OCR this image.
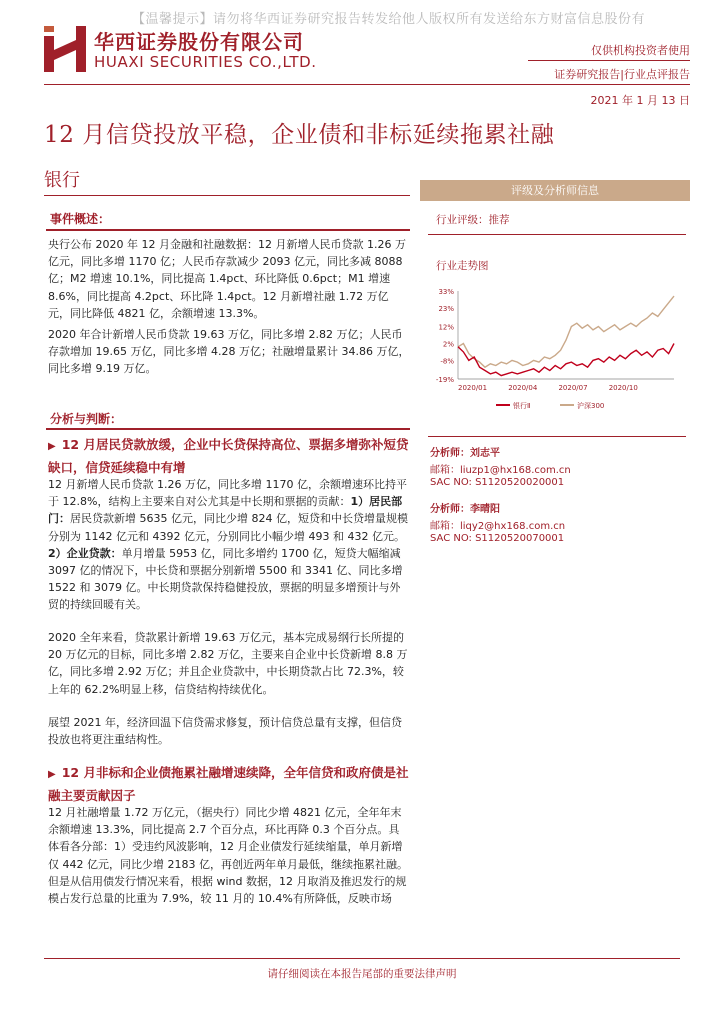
【温馨提示】请勿将华西证券研究报告转发给他人版权所有发送给东方财富信息股份有
华西证券股份有限公司
HUAXI SECURITIES CO.,LTD.
仅供机构投资者使用
证券研究报告|行业点评报告
2021 年 1 月 13 日
12 月信贷投放平稳，企业债和非标延续拖累社融
银行	评级及分析师信息
行业评级：推荐
行业走势图
33%
23%
12%
2%
-8%
-19%
2020/01	2020/04	2020/07	2020/10
银行Ⅱ	沪深300
分析师：刘志平
邮箱：liuzp1@hx168.com.cn
SAC NO: S1120520020001
分析师：李晴阳
邮箱：liqy2@hx168.com.cn
SAC NO: S1120520070001
事件概述：
央行公布 2020 年 12 月金融和社融数据：12 月新增人民币贷款 1.26 万亿元，同比多增 1170 亿；人民币存款减少 2093 亿元，同比多减 8088 亿；M2 增速 10.1%，同比提高 1.4pct、环比降低 0.6pct；M1 增速 8.6%，同比提高 4.2pct、环比降 1.4pct。12 月新增社融 1.72 万亿元，同比降低 4821 亿，余额增速 13.3%。
2020 年合计新增人民币贷款 19.63 万亿，同比多增 2.82 万亿；人民币存款增加 19.65 万亿，同比多增 4.28 万亿；社融增量累计 34.86 万亿，同比多增 9.19 万亿。
分析与判断：
▶ 12 月居民贷款放缓，企业中长贷保持高位、票据多增弥补短贷缺口，信贷延续稳中有增
12 月新增人民币贷款 1.26 万亿，同比多增 1170 亿，余额增速环比持平于 12.8%，结构上主要来自对公尤其是中长期和票据的贡献：1）居民部门：居民贷款新增 5635 亿元，同比少增 824 亿，短贷和中长贷增量规模分别为 1142 亿元和 4392 亿元，分别同比小幅少增 493 和 432 亿元。2）企业贷款：单月增量 5953 亿，同比多增约 1700 亿，短贷大幅缩减 3097 亿的情况下，中长贷和票据分别新增 5500 和 3341 亿、同比多增 1522 和 3079 亿。中长期贷款保持稳健投放，票据的明显多增预计与外贸的持续回暖有关。
2020 全年来看，贷款累计新增 19.63 万亿元，基本完成易纲行长所提的 20 万亿元的目标，同比多增 2.82 万亿，主要来自企业中长贷新增 8.8 万亿，同比多增 2.92 万亿；并且企业贷款中，中长期贷款占比 72.3%，较上年的 62.2%明显上移，信贷结构持续优化。
展望 2021 年，经济回温下信贷需求修复，预计信贷总量有支撑，但信贷投放也将更注重结构性。
▶ 12 月非标和企业债拖累社融增速续降，全年信贷和政府债是社融主要贡献因子
12 月社融增量 1.72 万亿元，（据央行）同比少增 4821 亿元，全年年末余额增速 13.3%，同比提高 2.7 个百分点，环比再降 0.3 个百分点。具体看各分部：1）受违约风波影响，12 月企业债发行延续缩量，单月新增仅 442 亿元，同比少增 2183 亿，再创近两年单月最低，继续拖累社融。但是从信用债发行情况来看，根据 wind 数据，12 月取消及推迟发行的规模占发行总量的比重为 7.9%，较 11 月的 10.4%有所降低，反映市场
请仔细阅读在本报告尾部的重要法律声明
